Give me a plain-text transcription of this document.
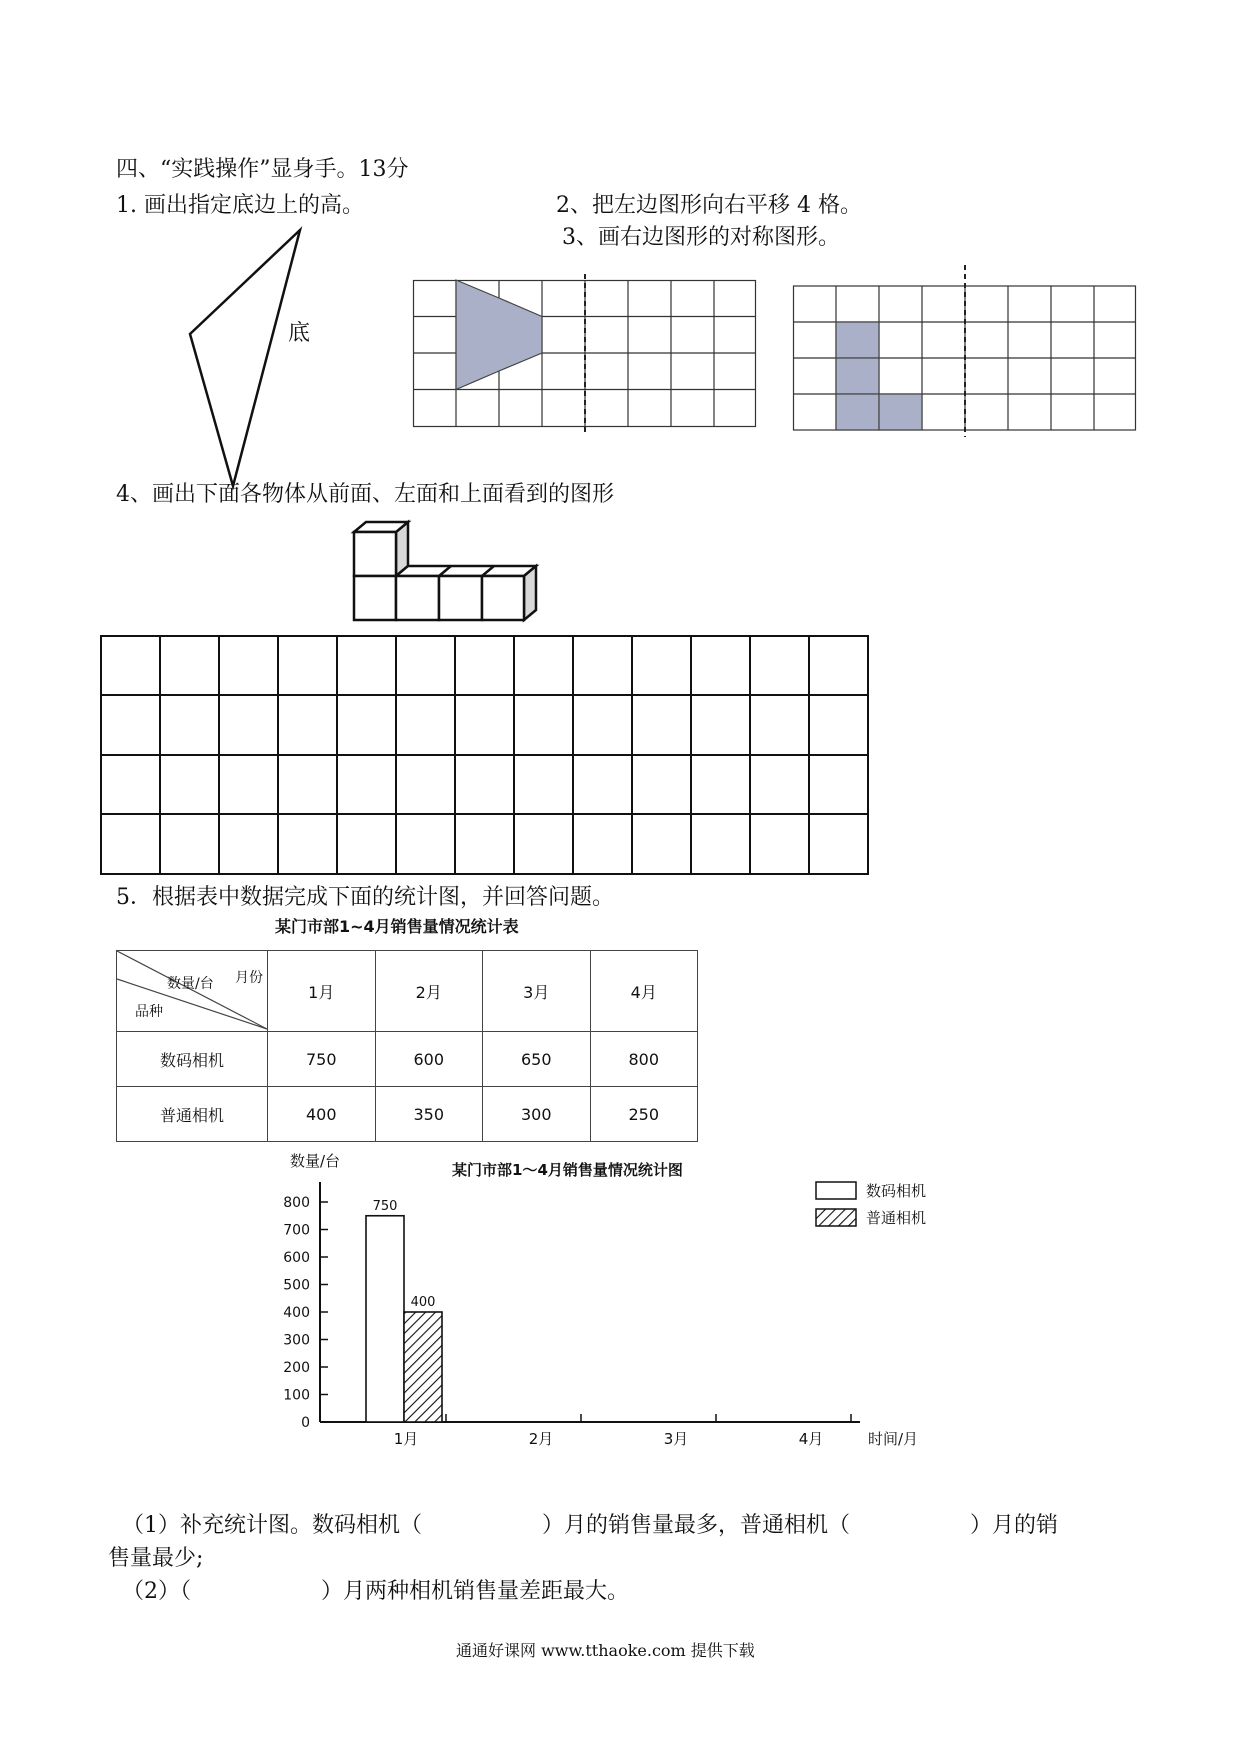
四、“实践操作”显身手。13分
1. 画出指定底边上的高。	2、把左边图形向右平移 4 格。
3、画右边图形的对称图形。
底
4、画出下面各物体从前面、左面和上面看到的图形
5．根据表中数据完成下面的统计图，并回答问题。
某门市部1~4月销售量情况统计表
数量/台 月份
品种	1月	2月	3月	4月
数码相机	750	600	650	800
普通相机	400	350	300	250
某门市部1～4月销售量情况统计图
0
100
200
300
400
500
600
700
800
数量/台
时间/月
1月	2月	3月	4月
750
400
数码相机
普通相机
（1）补充统计图。数码相机（	）月的销售量最多，普通相机（	）月的销
售量最少;
（2）（	）月两种相机销售量差距最大。
通通好课网 www.tthaoke.com 提供下载
